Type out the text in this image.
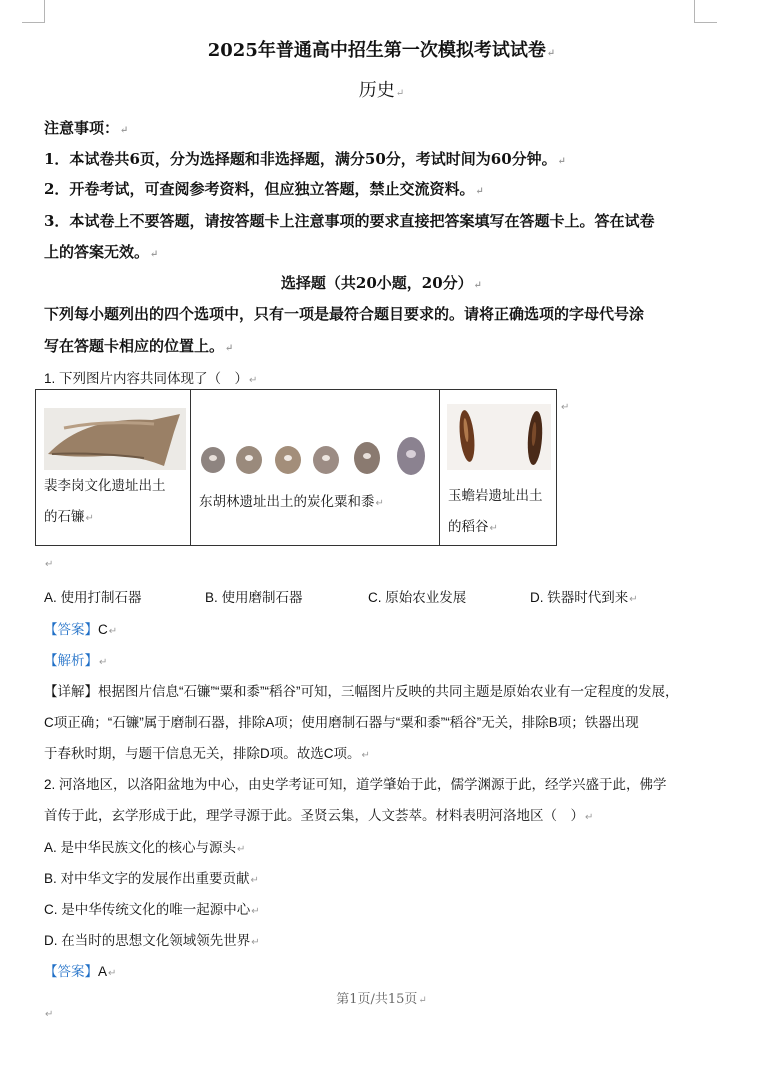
2025年普通高中招生第一次模拟考试试卷↵
历史↵
注意事项：↵
1．本试卷共6页，分为选择题和非选择题，满分50分，考试时间为60分钟。↵
2．开卷考试，可查阅参考资料，但应独立答题，禁止交流资料。↵
3．本试卷上不要答题，请按答题卡上注意事项的要求直接把答案填写在答题卡上。答在试卷
上的答案无效。↵
选择题（共20小题，20分）↵
下列每小题列出的四个选项中，只有一项是最符合题目要求的。请将正确选项的字母代号涂
写在答题卡相应的位置上。↵
1. 下列图片内容共同体现了（　）↵
裴李岗文化遗址出土
的石镰↵

东胡林遗址出土的炭化粟和黍↵

玉蟾岩遗址出土
的稻谷↵
↵
↵
A. 使用打制石器	B. 使用磨制石器	C. 原始农业发展	D. 铁器时代到来↵
【答案】C↵
【解析】↵
【详解】根据图片信息“石镰”“粟和黍”“稻谷”可知，三幅图片反映的共同主题是原始农业有一定程度的发展，
C项正确；“石镰”属于磨制石器，排除A项；使用磨制石器与“粟和黍”“稻谷”无关，排除B项；铁器出现
于春秋时期，与题干信息无关，排除D项。故选C项。↵
2. 河洛地区，以洛阳盆地为中心，由史学考证可知，道学肇始于此，儒学渊源于此，经学兴盛于此，佛学
首传于此，玄学形成于此，理学寻源于此。圣贤云集，人文荟萃。材料表明河洛地区（　）↵
A. 是中华民族文化的核心与源头↵
B. 对中华文字的发展作出重要贡献↵
C. 是中华传统文化的唯一起源中心↵
D. 在当时的思想文化领域领先世界↵
【答案】A↵
第1页/共15页↵
↵
